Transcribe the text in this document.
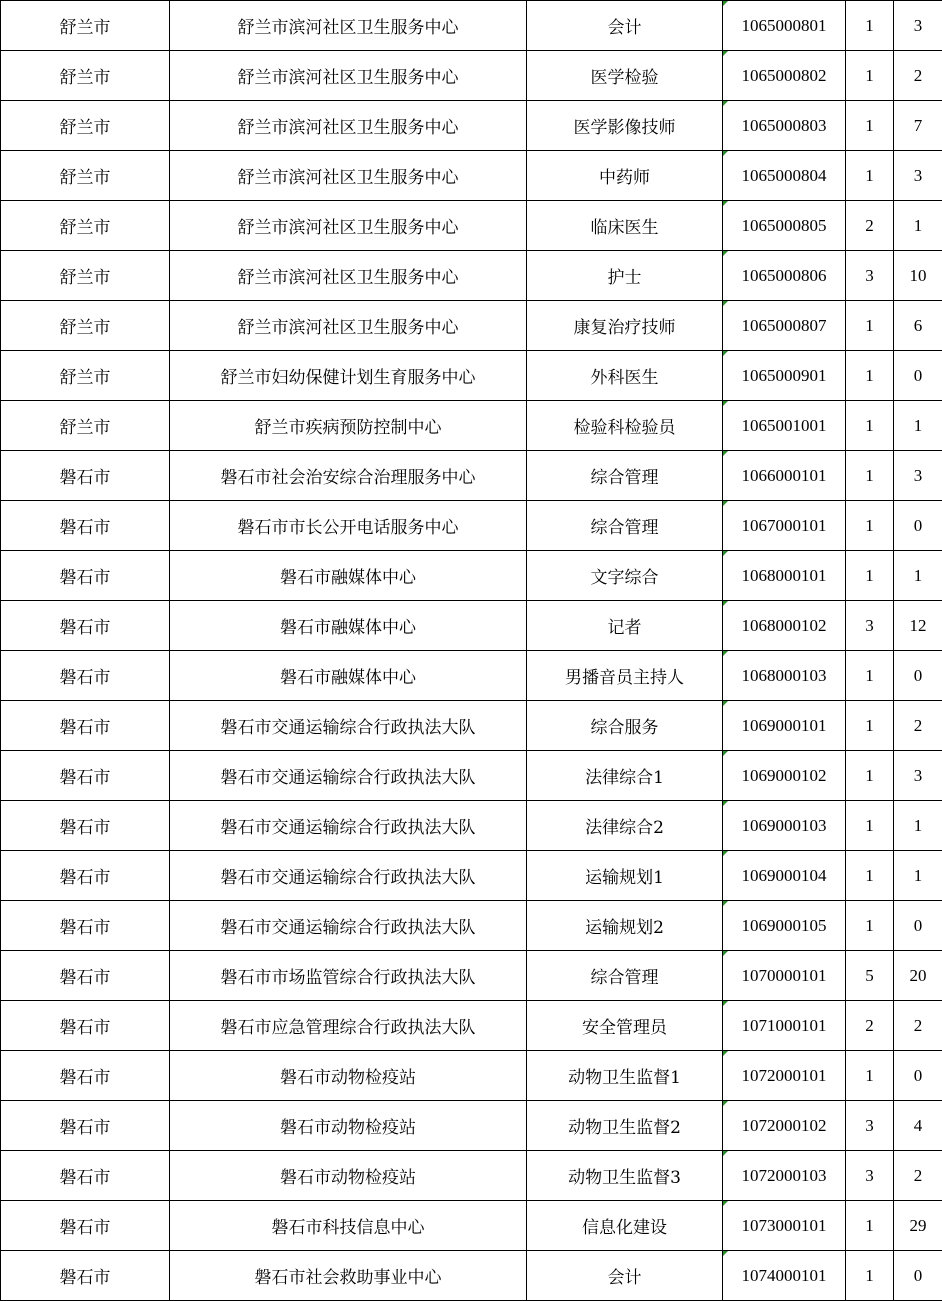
舒兰市	舒兰市滨河社区卫生服务中心	会计	1065000801	1	3
舒兰市	舒兰市滨河社区卫生服务中心	医学检验	1065000802	1	2
舒兰市	舒兰市滨河社区卫生服务中心	医学影像技师	1065000803	1	7
舒兰市	舒兰市滨河社区卫生服务中心	中药师	1065000804	1	3
舒兰市	舒兰市滨河社区卫生服务中心	临床医生	1065000805	2	1
舒兰市	舒兰市滨河社区卫生服务中心	护士	1065000806	3	10
舒兰市	舒兰市滨河社区卫生服务中心	康复治疗技师	1065000807	1	6
舒兰市	舒兰市妇幼保健计划生育服务中心	外科医生	1065000901	1	0
舒兰市	舒兰市疾病预防控制中心	检验科检验员	1065001001	1	1
磐石市	磐石市社会治安综合治理服务中心	综合管理	1066000101	1	3
磐石市	磐石市市长公开电话服务中心	综合管理	1067000101	1	0
磐石市	磐石市融媒体中心	文字综合	1068000101	1	1
磐石市	磐石市融媒体中心	记者	1068000102	3	12
磐石市	磐石市融媒体中心	男播音员主持人	1068000103	1	0
磐石市	磐石市交通运输综合行政执法大队	综合服务	1069000101	1	2
磐石市	磐石市交通运输综合行政执法大队	法律综合1	1069000102	1	3
磐石市	磐石市交通运输综合行政执法大队	法律综合2	1069000103	1	1
磐石市	磐石市交通运输综合行政执法大队	运输规划1	1069000104	1	1
磐石市	磐石市交通运输综合行政执法大队	运输规划2	1069000105	1	0
磐石市	磐石市市场监管综合行政执法大队	综合管理	1070000101	5	20
磐石市	磐石市应急管理综合行政执法大队	安全管理员	1071000101	2	2
磐石市	磐石市动物检疫站	动物卫生监督1	1072000101	1	0
磐石市	磐石市动物检疫站	动物卫生监督2	1072000102	3	4
磐石市	磐石市动物检疫站	动物卫生监督3	1072000103	3	2
磐石市	磐石市科技信息中心	信息化建设	1073000101	1	29
磐石市	磐石市社会救助事业中心	会计	1074000101	1	0
